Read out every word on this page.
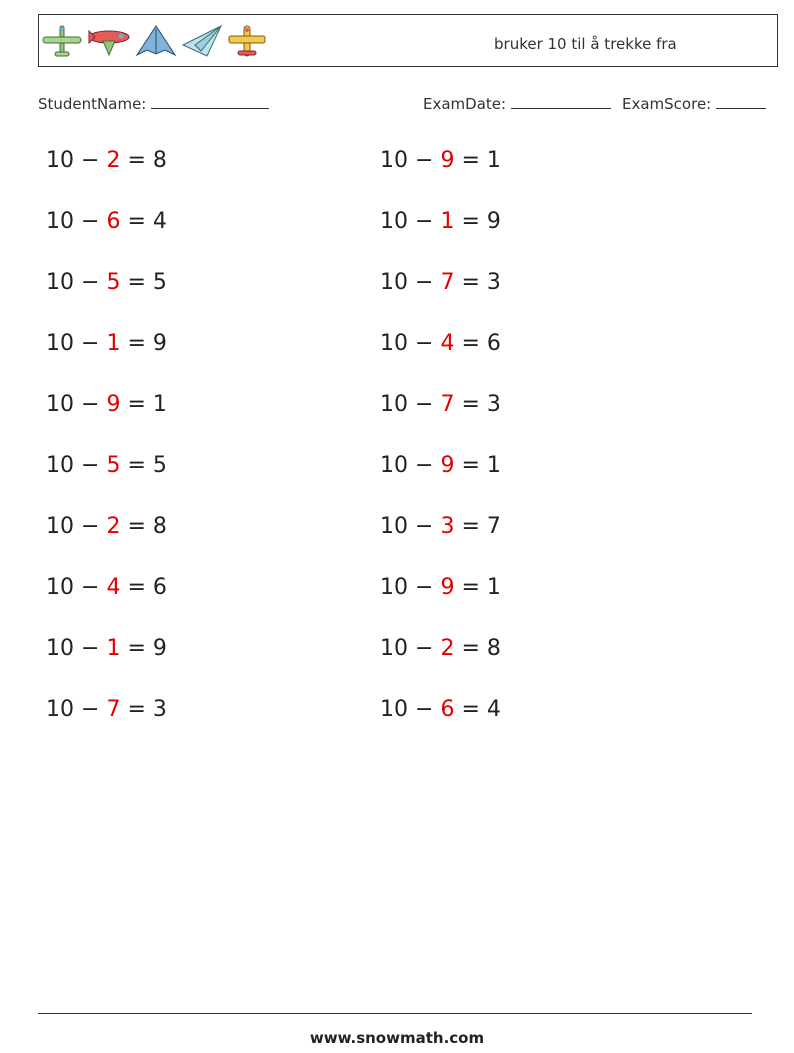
bruker 10 til å trekke fra
StudentName:	ExamDate:	ExamScore:
10 − 2 = 8
10 − 6 = 4
10 − 5 = 5
10 − 1 = 9
10 − 9 = 1
10 − 5 = 5
10 − 2 = 8
10 − 4 = 6
10 − 1 = 9
10 − 7 = 3
10 − 9 = 1
10 − 1 = 9
10 − 7 = 3
10 − 4 = 6
10 − 7 = 3
10 − 9 = 1
10 − 3 = 7
10 − 9 = 1
10 − 2 = 8
10 − 6 = 4
www.snowmath.com
